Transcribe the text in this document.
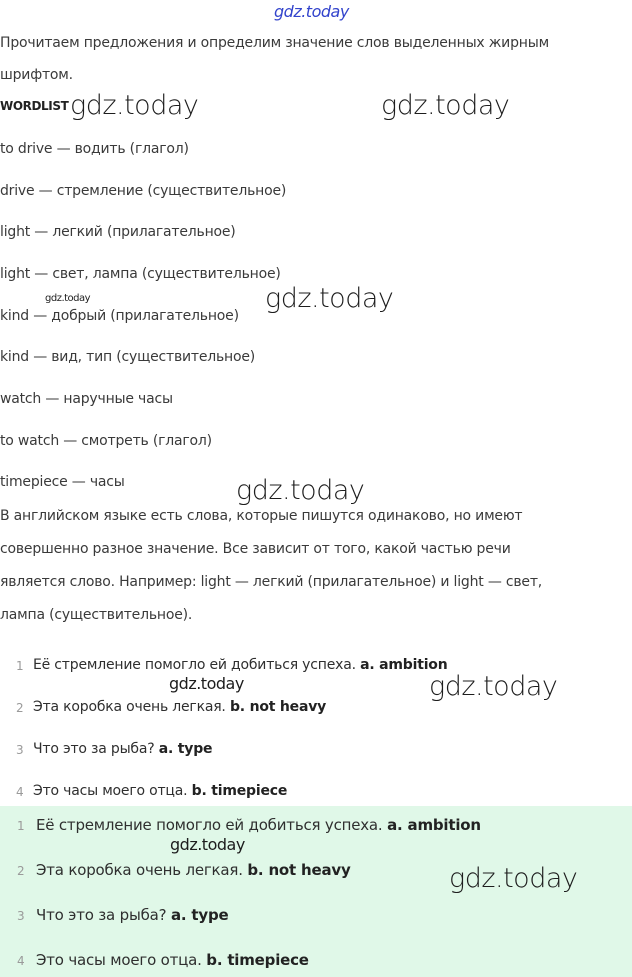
gdz.today
Прочитаем предложения и определим значение слов выделенных жирным
шрифтом.
WORDLIST
to drive — водить (глагол)
drive — стремление (существительное)
light — легкий (прилагательное)
light — свет, лампа (существительное)
kind — добрый (прилагательное)
kind — вид, тип (существительное)
watch — наручные часы
to watch — смотреть (глагол)
timepiece — часы
В английском языке есть слова, которые пишутся одинаково, но имеют
совершенно разное значение. Все зависит от того, какой частью речи
является слово. Например: light — легкий (прилагательное) и light — свет,
лампа (существительное).
1 Её стремление помогло ей добиться успеха. a. ambition
2 Эта коробка очень легкая. b. not heavy
3 Что это за рыба? a. type
4 Это часы моего отца. b. timepiece
1 Её стремление помогло ей добиться успеха. a. ambition
2 Эта коробка очень легкая. b. not heavy
3 Что это за рыба? a. type
4 Это часы моего отца. b. timepiece
gdz.today	gdz.today
gdz.today	gdz.today
gdz.today
gdz.today	gdz.today
gdz.today
gdz.today
